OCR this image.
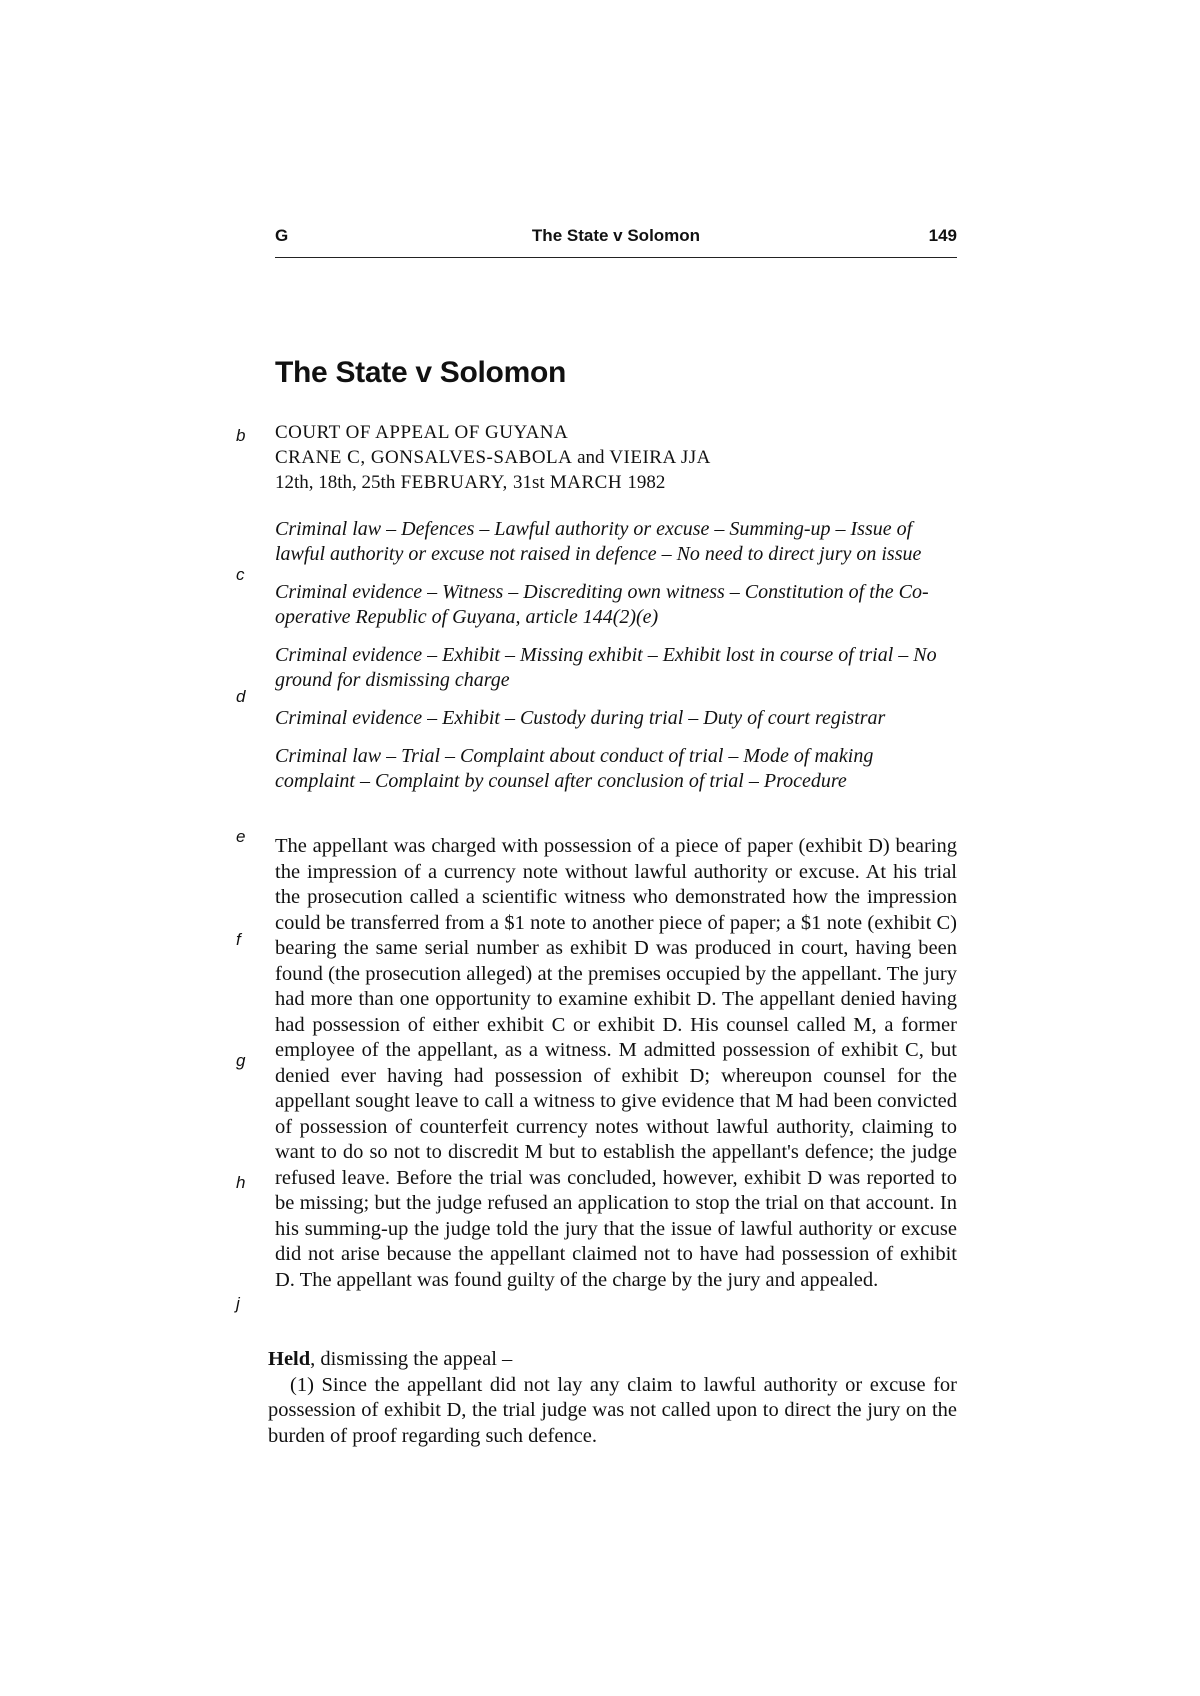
G	The State v Solomon	149
The State v Solomon
COURT OF APPEAL OF GUYANA
CRANE C, GONSALVES-SABOLA and VIEIRA JJA
12th, 18th, 25th FEBRUARY, 31st MARCH 1982

Criminal law – Defences – Lawful authority or excuse – Summing-up – Issue of lawful authority or excuse not raised in defence – No need to direct jury on issue

Criminal evidence – Witness – Discrediting own witness – Constitution of the Co-operative Republic of Guyana, article 144(2)(e)

Criminal evidence – Exhibit – Missing exhibit – Exhibit lost in course of trial – No ground for dismissing charge

Criminal evidence – Exhibit – Custody during trial – Duty of court registrar

Criminal law – Trial – Complaint about conduct of trial – Mode of making complaint – Complaint by counsel after conclusion of trial – Procedure

The appellant was charged with possession of a piece of paper (exhibit D) bearing the impression of a currency note without lawful authority or excuse. At his trial the prosecution called a scientific witness who demonstrated how the impression could be transferred from a $1 note to another piece of paper; a $1 note (exhibit C) bearing the same serial number as exhibit D was produced in court, having been found (the prosecution alleged) at the premises occupied by the appellant. The jury had more than one opportunity to examine exhibit D. The appellant denied having had possession of either exhibit C or exhibit D. His counsel called M, a former employee of the appellant, as a witness. M admitted possession of exhibit C, but denied ever having had possession of exhibit D; whereupon counsel for the appellant sought leave to call a witness to give evidence that M had been convicted of possession of counterfeit currency notes without lawful authority, claiming to want to do so not to discredit M but to establish the appellant's defence; the judge refused leave. Before the trial was concluded, however, exhibit D was reported to be missing; but the judge refused an application to stop the trial on that account. In his summing-up the judge told the jury that the issue of lawful authority or excuse did not arise because the appellant claimed not to have had possession of exhibit D. The appellant was found guilty of the charge by the jury and appealed.

Held, dismissing the appeal –

(1) Since the appellant did not lay any claim to lawful authority or excuse for possession of exhibit D, the trial judge was not called upon to direct the jury on the burden of proof regarding such defence.

b
c
d
e
f
g
h
j
